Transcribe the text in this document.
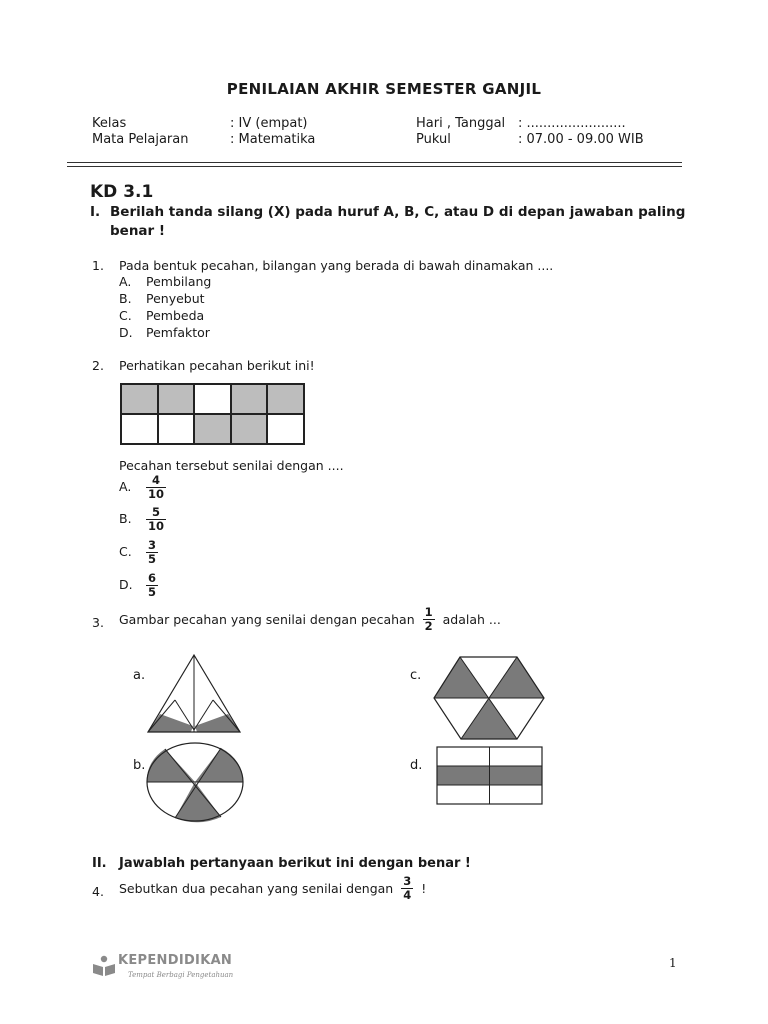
PENILAIAN AKHIR SEMESTER GANJIL
Kelas	: IV (empat)	Hari , Tanggal : ........................
Mata Pelajaran	: Matematika	Pukul	: 07.00 - 09.00 WIB
KD 3.1
I. Berilah tanda silang (X) pada huruf A, B, C, atau D di depan jawaban paling
benar !
1. Pada bentuk pecahan, bilangan yang berada di bawah dinamakan ....
A. Pembilang
B. Penyebut
C. Pembeda
D. Pemfaktor
2. Perhatikan pecahan berikut ini!
Pecahan tersebut senilai dengan ....
A. $\frac{4}{10}$
B. $\frac{5}{10}$
C. $\frac{3}{5}$
D. $\frac{6}{5}$
3. Gambar pecahan yang senilai dengan pecahan $\frac{1}{2}$ adalah ...
a.
b.
c.
d.
II. Jawablah pertanyaan berikut ini dengan benar !
4. Sebutkan dua pecahan yang senilai dengan $\frac{3}{4}$ !
KEPENDIDIKAN
Tempat Berbagi Pengetahuan
1
